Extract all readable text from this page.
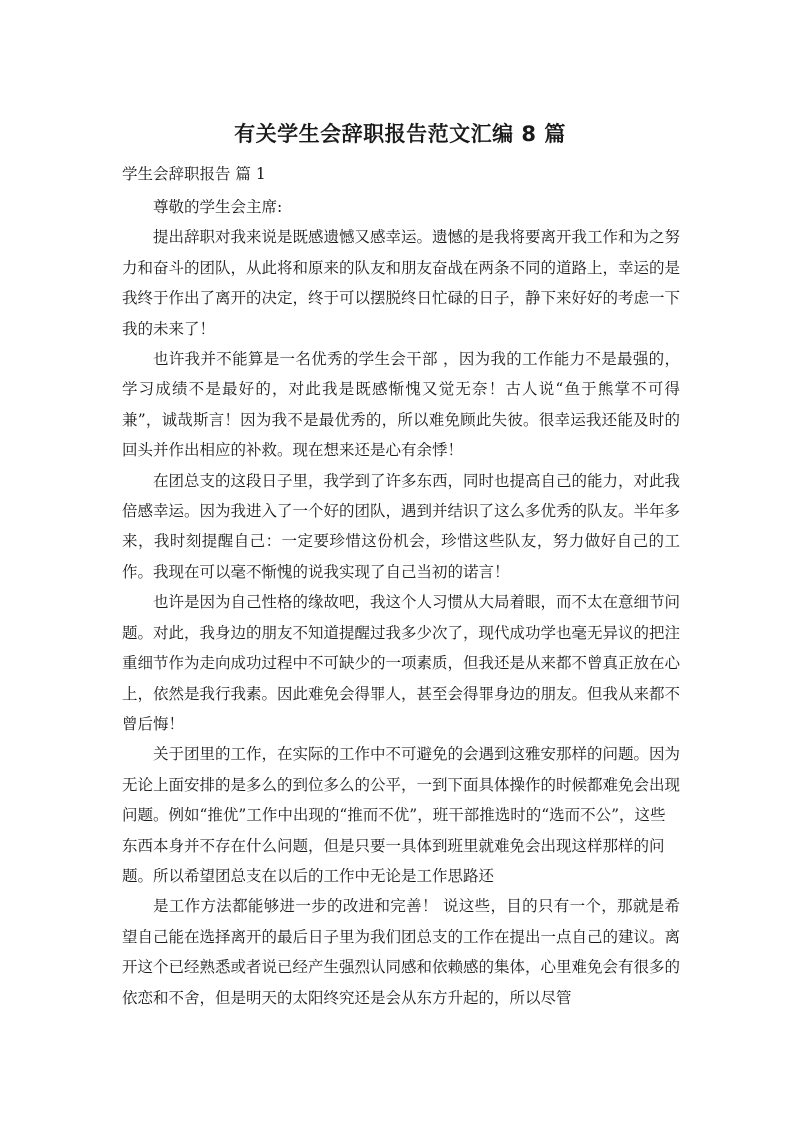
有关学生会辞职报告范文汇编 8 篇
学生会辞职报告 篇 1

尊敬的学生会主席:

提出辞职对我来说是既感遗憾又感幸运。遗憾的是我将要离开我工作和为之努力和奋斗的团队，从此将和原来的队友和朋友奋战在两条不同的道路上，幸运的是我终于作出了离开的决定，终于可以摆脱终日忙碌的日子，静下来好好的考虑一下我的未来了！

也许我并不能算是一名优秀的学生会干部 ，因为我的工作能力不是最强的，学习成绩不是最好的，对此我是既感惭愧又觉无奈！古人说“鱼于熊掌不可得兼”，诚哉斯言！因为我不是最优秀的，所以难免顾此失彼。很幸运我还能及时的回头并作出相应的补救。现在想来还是心有余悸！

在团总支的这段日子里，我学到了许多东西，同时也提高自己的能力，对此我倍感幸运。因为我进入了一个好的团队，遇到并结识了这么多优秀的队友。半年多来，我时刻提醒自己：一定要珍惜这份机会，珍惜这些队友，努力做好自己的工作。我现在可以毫不惭愧的说我实现了自己当初的诺言！

也许是因为自己性格的缘故吧，我这个人习惯从大局着眼，而不太在意细节问题。对此，我身边的朋友不知道提醒过我多少次了，现代成功学也毫无异议的把注重细节作为走向成功过程中不可缺少的一项素质，但我还是从来都不曾真正放在心上，依然是我行我素。因此难免会得罪人，甚至会得罪身边的朋友。但我从来都不曾后悔！

关于团里的工作，在实际的工作中不可避免的会遇到这雅安那样的问题。因为无论上面安排的是多么的到位多么的公平，一到下面具体操作的时候都难免会出现问题。例如“推优”工作中出现的“推而不优”，班干部推选时的“选而不公”，这些东西本身并不存在什么问题，但是只要一具体到班里就难免会出现这样那样的问题。所以希望团总支在以后的工作中无论是工作思路还

是工作方法都能够进一步的改进和完善！ 说这些，目的只有一个，那就是希望自己能在选择离开的最后日子里为我们团总支的工作在提出一点自己的建议。离开这个已经熟悉或者说已经产生强烈认同感和依赖感的集体，心里难免会有很多的依恋和不舍，但是明天的太阳终究还是会从东方升起的，所以尽管
